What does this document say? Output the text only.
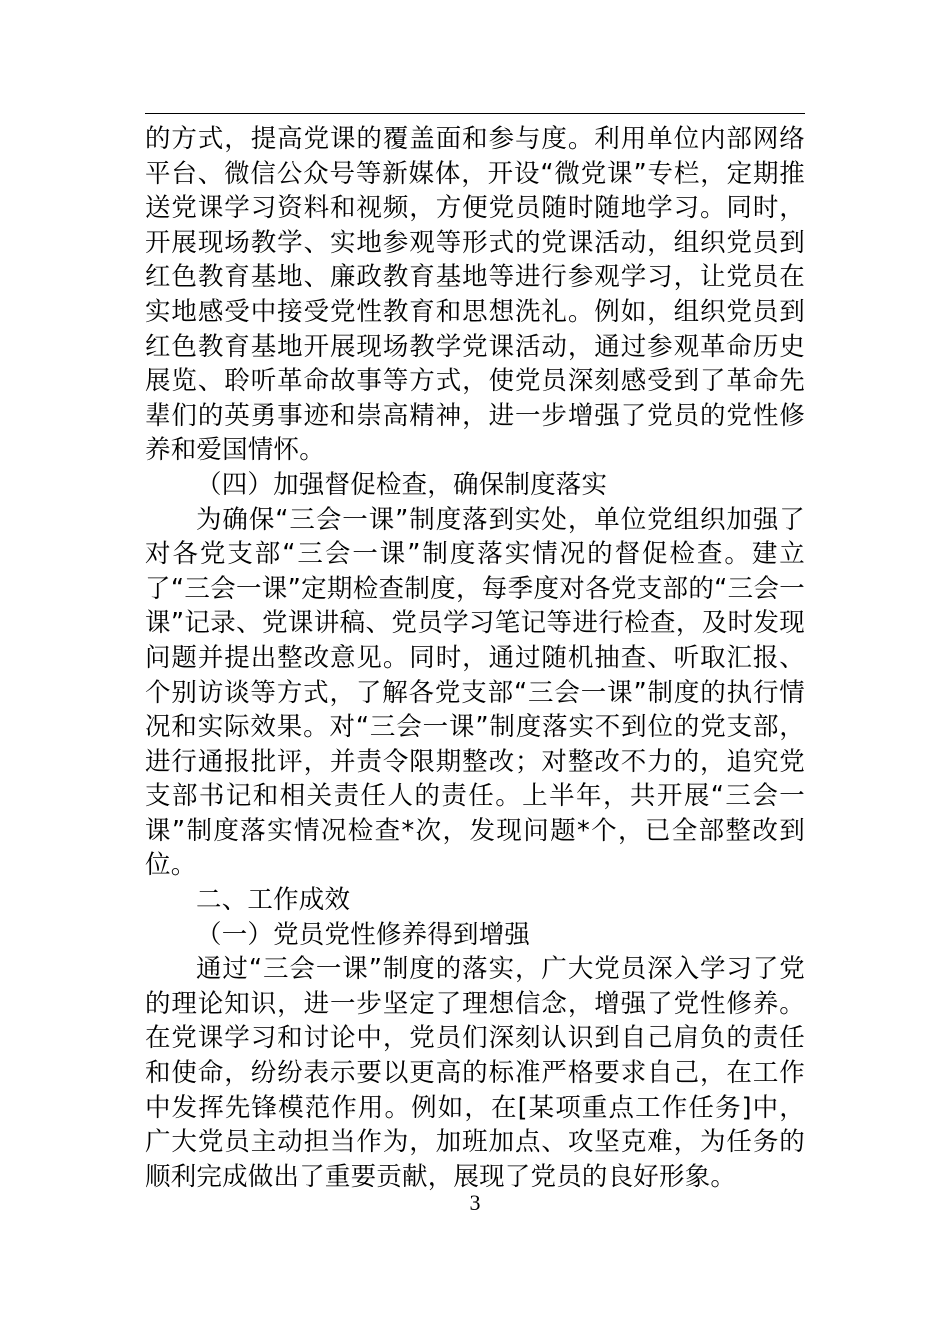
的方式，提高党课的覆盖面和参与度。利用单位内部网络平台、微信公众号等新媒体，开设“微党课”专栏，定期推送党课学习资料和视频，方便党员随时随地学习。同时，开展现场教学、实地参观等形式的党课活动，组织党员到红色教育基地、廉政教育基地等进行参观学习，让党员在实地感受中接受党性教育和思想洗礼。例如，组织党员到红色教育基地开展现场教学党课活动，通过参观革命历史展览、聆听革命故事等方式，使党员深刻感受到了革命先辈们的英勇事迹和崇高精神，进一步增强了党员的党性修养和爱国情怀。

（四）加强督促检查，确保制度落实

为确保“三会一课”制度落到实处，单位党组织加强了对各党支部“三会一课”制度落实情况的督促检查。建立了“三会一课”定期检查制度，每季度对各党支部的“三会一课”记录、党课讲稿、党员学习笔记等进行检查，及时发现问题并提出整改意见。同时，通过随机抽查、听取汇报、个别访谈等方式，了解各党支部“三会一课”制度的执行情况和实际效果。对“三会一课”制度落实不到位的党支部，进行通报批评，并责令限期整改；对整改不力的，追究党支部书记和相关责任人的责任。上半年，共开展“三会一课”制度落实情况检查*次，发现问题*个，已全部整改到位。

二、工作成效

（一）党员党性修养得到增强

通过“三会一课”制度的落实，广大党员深入学习了党的理论知识，进一步坚定了理想信念，增强了党性修养。在党课学习和讨论中，党员们深刻认识到自己肩负的责任和使命，纷纷表示要以更高的标准严格要求自己，在工作中发挥先锋模范作用。例如，在[某项重点工作任务]中，广大党员主动担当作为，加班加点、攻坚克难，为任务的顺利完成做出了重要贡献，展现了党员的良好形象。

3
